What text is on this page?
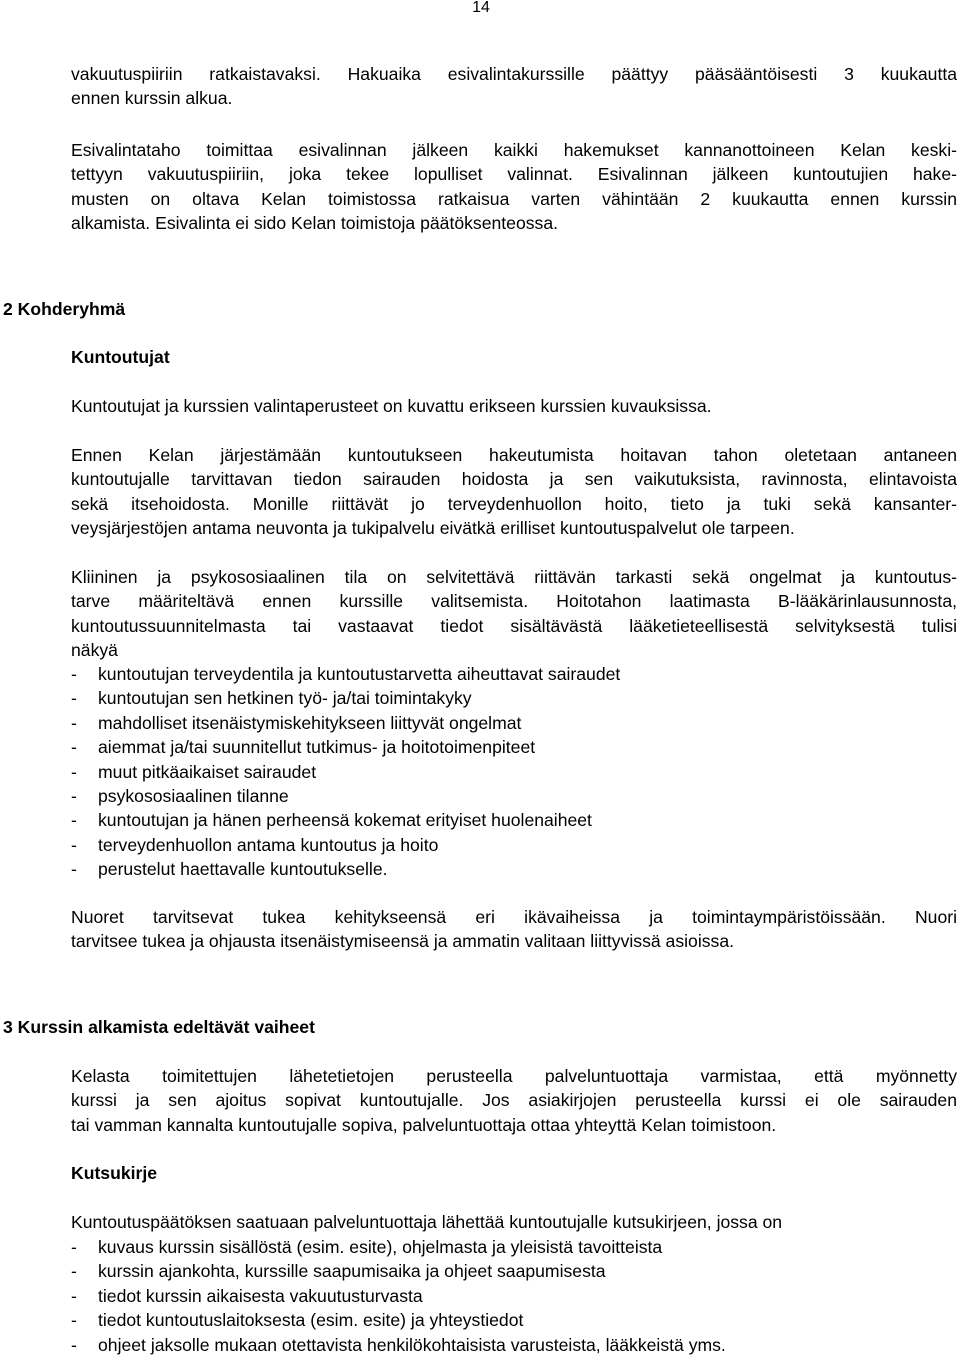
14
vakuutuspiiriin ratkaistavaksi. Hakuaika esivalintakurssille päättyy pääsääntöisesti 3 kuukautta
ennen kurssin alkua.
Esivalintataho toimittaa esivalinnan jälkeen kaikki hakemukset kannanottoineen Kelan keski-
tettyyn vakuutuspiiriin, joka tekee lopulliset valinnat. Esivalinnan jälkeen kuntoutujien hake-
musten on oltava Kelan toimistossa ratkaisua varten vähintään 2 kuukautta ennen kurssin
alkamista. Esivalinta ei sido Kelan toimistoja päätöksenteossa.
2 Kohderyhmä
Kuntoutujat
Kuntoutujat ja kurssien valintaperusteet on kuvattu erikseen kurssien kuvauksissa.
Ennen Kelan järjestämään kuntoutukseen hakeutumista hoitavan tahon oletetaan antaneen
kuntoutujalle tarvittavan tiedon sairauden hoidosta ja sen vaikutuksista, ravinnosta, elintavoista
sekä itsehoidosta. Monille riittävät jo terveydenhuollon hoito, tieto ja tuki sekä kansanter-
veysjärjestöjen antama neuvonta ja tukipalvelu eivätkä erilliset kuntoutuspalvelut ole tarpeen.
Kliininen ja psykososiaalinen tila on selvitettävä riittävän tarkasti sekä ongelmat ja kuntoutus-
tarve määriteltävä ennen kurssille valitsemista. Hoitotahon laatimasta B-lääkärinlausunnosta,
kuntoutussuunnitelmasta tai vastaavat tiedot sisältävästä lääketieteellisestä selvityksestä tulisi
näkyä
- kuntoutujan terveydentila ja kuntoutustarvetta aiheuttavat sairaudet
- kuntoutujan sen hetkinen työ- ja/tai toimintakyky
- mahdolliset itsenäistymiskehitykseen liittyvät ongelmat
- aiemmat ja/tai suunnitellut tutkimus- ja hoitotoimenpiteet
- muut pitkäaikaiset sairaudet
- psykososiaalinen tilanne
- kuntoutujan ja hänen perheensä kokemat erityiset huolenaiheet
- terveydenhuollon antama kuntoutus ja hoito
- perustelut haettavalle kuntoutukselle.
Nuoret tarvitsevat tukea kehitykseensä eri ikävaiheissa ja toimintaympäristöissään. Nuori
tarvitsee tukea ja ohjausta itsenäistymiseensä ja ammatin valitaan liittyvissä asioissa.
3 Kurssin alkamista edeltävät vaiheet
Kelasta toimitettujen lähetetietojen perusteella palveluntuottaja varmistaa, että myönnetty
kurssi ja sen ajoitus sopivat kuntoutujalle. Jos asiakirjojen perusteella kurssi ei ole sairauden
tai vamman kannalta kuntoutujalle sopiva, palveluntuottaja ottaa yhteyttä Kelan toimistoon.
Kutsukirje
Kuntoutuspäätöksen saatuaan palveluntuottaja lähettää kuntoutujalle kutsukirjeen, jossa on
- kuvaus kurssin sisällöstä (esim. esite), ohjelmasta ja yleisistä tavoitteista
- kurssin ajankohta, kurssille saapumisaika ja ohjeet saapumisesta
- tiedot kurssin aikaisesta vakuutusturvasta
- tiedot kuntoutuslaitoksesta (esim. esite) ja yhteystiedot
- ohjeet jaksolle mukaan otettavista henkilökohtaisista varusteista, lääkkeistä yms.
